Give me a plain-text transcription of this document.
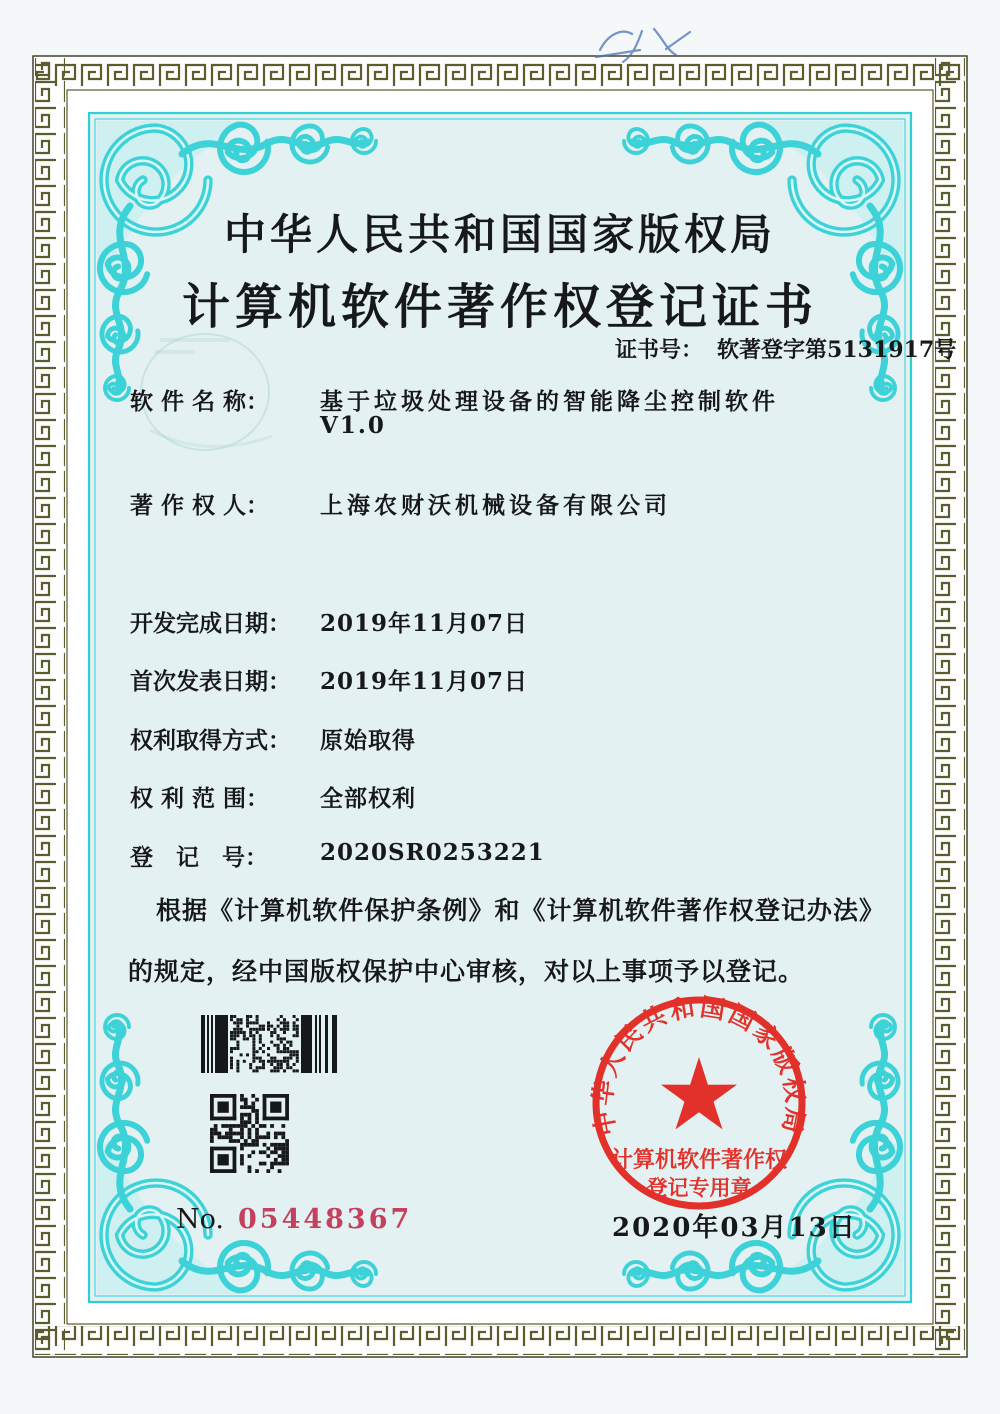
中华人民共和国国家版权局
计算机软件著作权
登记专用章
中华人民共和国国家版权局
计算机软件著作权登记证书
证书号： 软著登字第5131917号
软 件 名 称： 基于垃圾处理设备的智能降尘控制软件
V1.0
著 作 权 人： 上海农财沃机械设备有限公司
开发完成日期： 2019年11月07日
首次发表日期： 2019年11月07日
权利取得方式： 原始取得
权 利 范 围： 全部权利
登　记　号： 2020SR0253221
根据《计算机软件保护条例》和《计算机软件著作权登记办法》的规定，经中国版权保护中心审核，对以上事项予以登记。
No. 05448367	2020年03月13日
